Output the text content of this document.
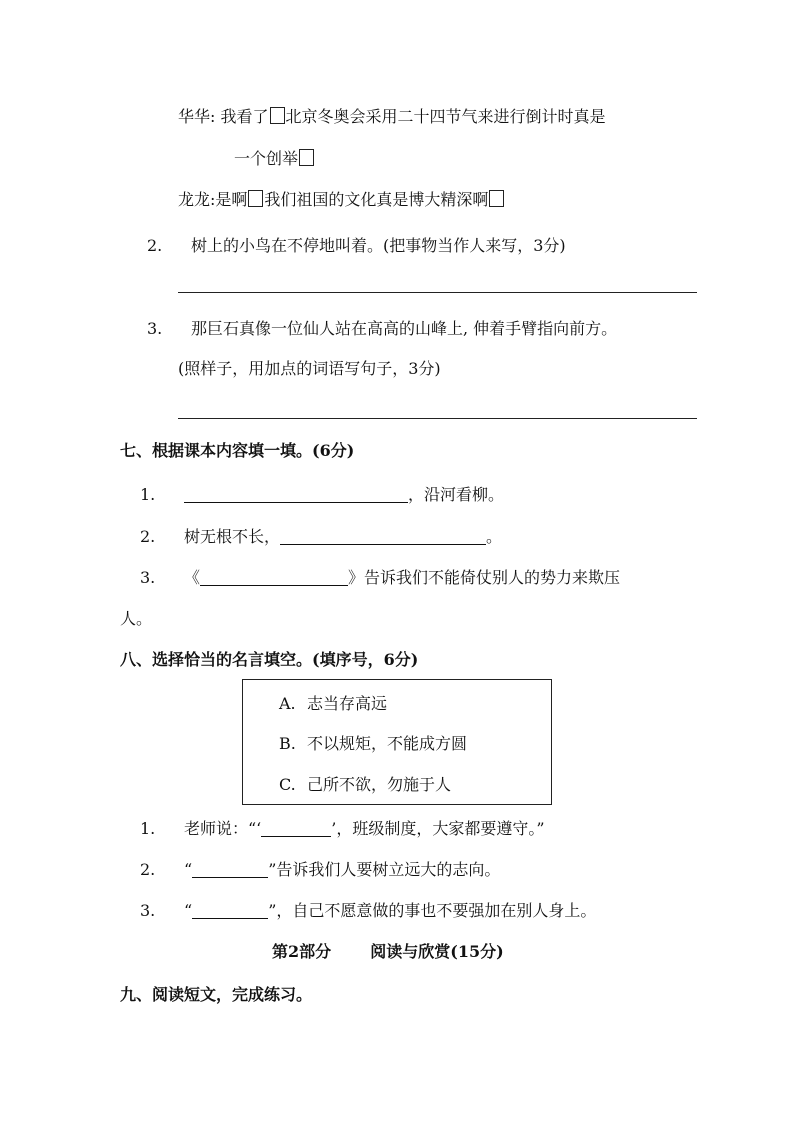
华华: 我看了 北京冬奥会采用二十四节气来进行倒计时真是
一个创举
龙龙:是啊 我们祖国的文化真是博大精深啊
2. 树上的小鸟在不停地叫着。(把事物当作人来写，3分)
3. 那巨石真像一位仙人站在高高的山峰上, 伸着手臂指向前方。
(照样子，用加点的词语写句子，3分)
七、根据课本内容填一填。(6分)
1.	，沿河看柳。
2. 树无根不长，	。
3. 《	》告诉我们不能倚仗别人的势力来欺压
人。
八、选择恰当的名言填空。(填序号，6分)
A. 志当存高远
B. 不以规矩，不能成方圆
C. 己所不欲，勿施于人
1. 老师说：“‘	’，班级制度，大家都要遵守。”
2. “	”告诉我们人要树立远大的志向。
3. “	”，自己不愿意做的事也不要强加在别人身上。
第2部分 阅读与欣赏(15分)
九、阅读短文，完成练习。
